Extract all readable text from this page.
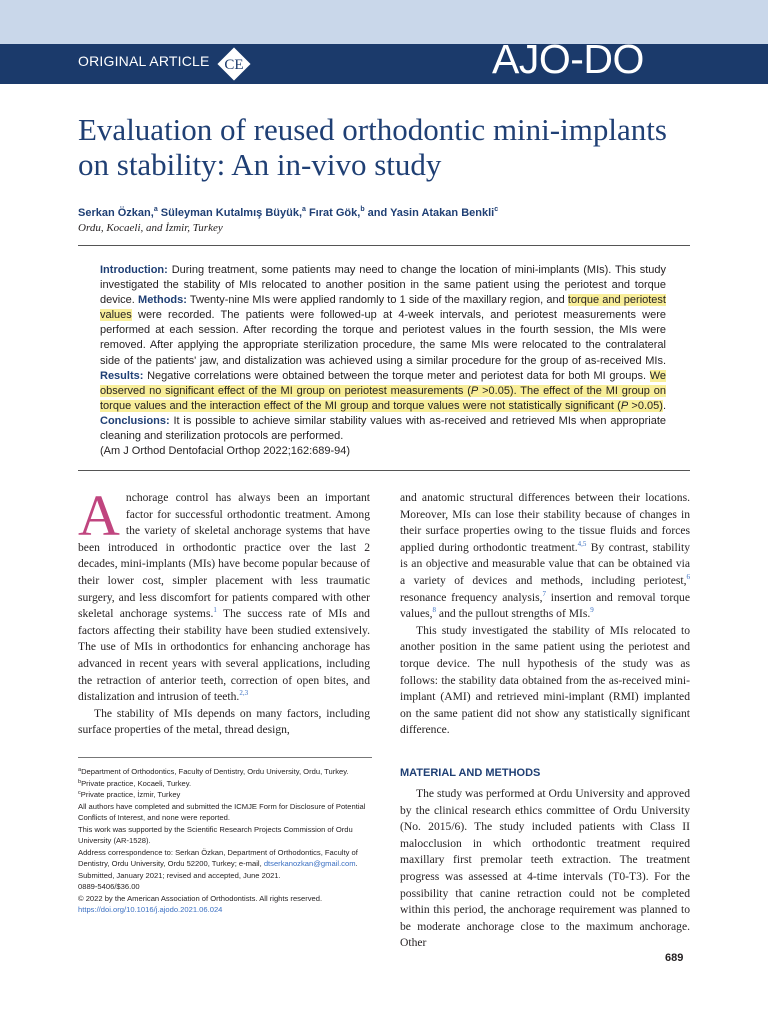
ORIGINAL ARTICLE CE	AJO-DO
Evaluation of reused orthodontic mini-implants on stability: An in-vivo study
Serkan Özkan,$^a$ Süleyman Kutalmış Büyük,$^a$ Fırat Gök,$^b$ and Yasin Atakan Benkli$^c$
Ordu, Kocaeli, and İzmir, Turkey
Introduction: During treatment, some patients may need to change the location of mini-implants (MIs). This study investigated the stability of MIs relocated to another position in the same patient using the periotest and torque device. Methods: Twenty-nine MIs were applied randomly to 1 side of the maxillary region, and torque and periotest values were recorded. The patients were followed-up at 4-week intervals, and periotest measurements were performed at each session. After recording the torque and periotest values in the fourth session, the MIs were removed. After applying the appropriate sterilization procedure, the same MIs were relocated to the contralateral side of the patients' jaw, and distalization was achieved using a similar procedure for the group of as-received MIs. Results: Negative correlations were obtained between the torque meter and periotest data for both MI groups. We observed no significant effect of the MI group on periotest measurements (P >0.05). The effect of the MI group on torque values and the interaction effect of the MI group and torque values were not statistically significant (P >0.05). Conclusions: It is possible to achieve similar stability values with as-received and retrieved MIs when appropriate cleaning and sterilization protocols are performed.
(Am J Orthod Dentofacial Orthop 2022;162:689-94)

Anchorage control has always been an important factor for successful orthodontic treatment. Among the variety of skeletal anchorage systems that have been introduced in orthodontic practice over the last 2 decades, mini-implants (MIs) have become popular because of their lower cost, simpler placement with less traumatic surgery, and less discomfort for patients compared with other skeletal anchorage systems.$^1$ The success rate of MIs and factors affecting their stability have been studied extensively. The use of MIs in orthodontics for enhancing anchorage has advanced in recent years with several applications, including the retraction of anterior teeth, correction of open bites, and distalization and intrusion of teeth.$^{2,3}$

The stability of MIs depends on many factors, including surface properties of the metal, thread design,

$^a$Department of Orthodontics, Faculty of Dentistry, Ordu University, Ordu, Turkey.
$^b$Private practice, Kocaeli, Turkey.
$^c$Private practice, İzmir, Turkey
All authors have completed and submitted the ICMJE Form for Disclosure of Potential Conflicts of Interest, and none were reported.
This work was supported by the Scientific Research Projects Commission of Ordu University (AR-1528).
Address correspondence to: Serkan Özkan, Department of Orthodontics, Faculty of Dentistry, Ordu University, Ordu 52200, Turkey; e-mail, dtserkanozkan@gmail.com.
Submitted, January 2021; revised and accepted, June 2021.
0889-5406/$36.00
© 2022 by the American Association of Orthodontists. All rights reserved.
https://doi.org/10.1016/j.ajodo.2021.06.024

and anatomic structural differences between their locations. Moreover, MIs can lose their stability because of changes in their surface properties owing to the tissue fluids and forces applied during orthodontic treatment.$^{4,5}$ By contrast, stability is an objective and measurable value that can be obtained via a variety of devices and methods, including periotest,$^6$ resonance frequency analysis,$^7$ insertion and removal torque values,$^8$ and the pullout strengths of MIs.$^9$

This study investigated the stability of MIs relocated to another position in the same patient using the periotest and torque device. The null hypothesis of the study was as follows: the stability data obtained from the as-received mini-implant (AMI) and retrieved mini-implant (RMI) implanted on the same patient did not show any statistically significant difference.

MATERIAL AND METHODS

The study was performed at Ordu University and approved by the clinical research ethics committee of Ordu University (No. 2015/6). The study included patients with Class II malocclusion in which orthodontic treatment required maxillary first premolar teeth extraction. The treatment progress was assessed at 4-time intervals (T0-T3). For the possibility that canine retraction could not be completed within this period, the anchorage requirement was planned to be moderate anchorage close to the maximum anchorage. Other

689
